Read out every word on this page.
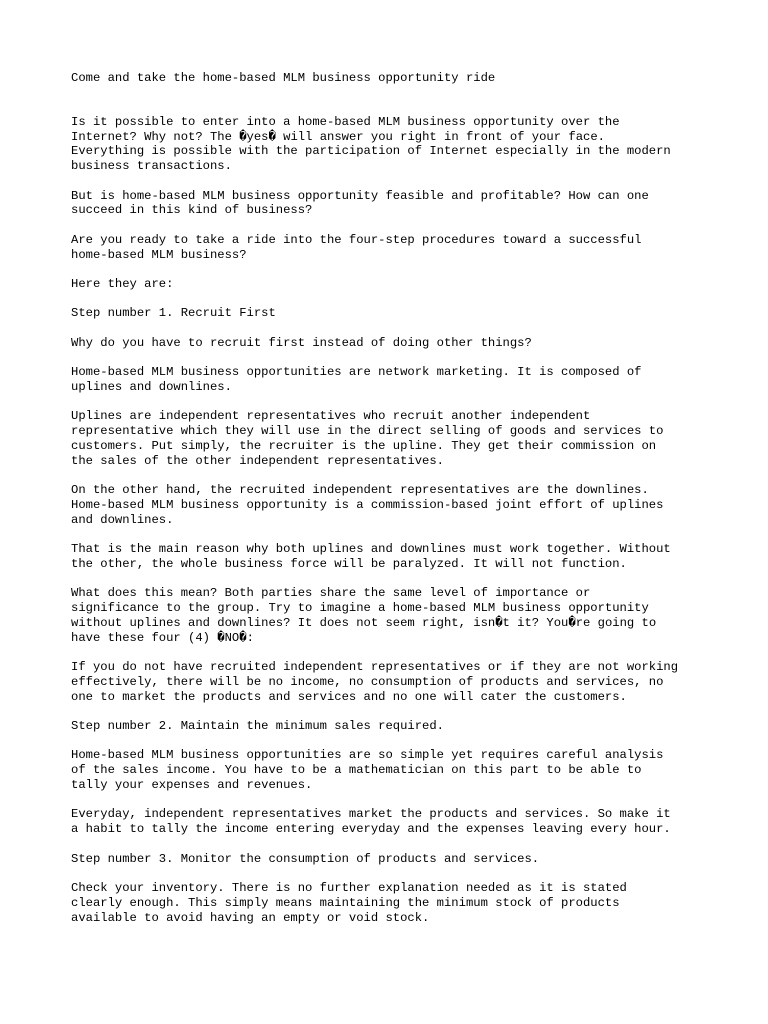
Come and take the home-based MLM business opportunity ride
Is it possible to enter into a home-based MLM business opportunity over the
Internet? Why not? The �yes� will answer you right in front of your face.
Everything is possible with the participation of Internet especially in the modern
business transactions.
But is home-based MLM business opportunity feasible and profitable? How can one
succeed in this kind of business?
Are you ready to take a ride into the four-step procedures toward a successful
home-based MLM business?
Here they are:
Step number 1. Recruit First
Why do you have to recruit first instead of doing other things?
Home-based MLM business opportunities are network marketing. It is composed of
uplines and downlines.
Uplines are independent representatives who recruit another independent
representative which they will use in the direct selling of goods and services to
customers. Put simply, the recruiter is the upline. They get their commission on
the sales of the other independent representatives.
On the other hand, the recruited independent representatives are the downlines.
Home-based MLM business opportunity is a commission-based joint effort of uplines
and downlines.
That is the main reason why both uplines and downlines must work together. Without
the other, the whole business force will be paralyzed. It will not function.
What does this mean? Both parties share the same level of importance or
significance to the group. Try to imagine a home-based MLM business opportunity
without uplines and downlines? It does not seem right, isn�t it? You�re going to
have these four (4) �NO�:
If you do not have recruited independent representatives or if they are not working
effectively, there will be no income, no consumption of products and services, no
one to market the products and services and no one will cater the customers.
Step number 2. Maintain the minimum sales required.
Home-based MLM business opportunities are so simple yet requires careful analysis
of the sales income. You have to be a mathematician on this part to be able to
tally your expenses and revenues.
Everyday, independent representatives market the products and services. So make it
a habit to tally the income entering everyday and the expenses leaving every hour.
Step number 3. Monitor the consumption of products and services.
Check your inventory. There is no further explanation needed as it is stated
clearly enough. This simply means maintaining the minimum stock of products
available to avoid having an empty or void stock.
